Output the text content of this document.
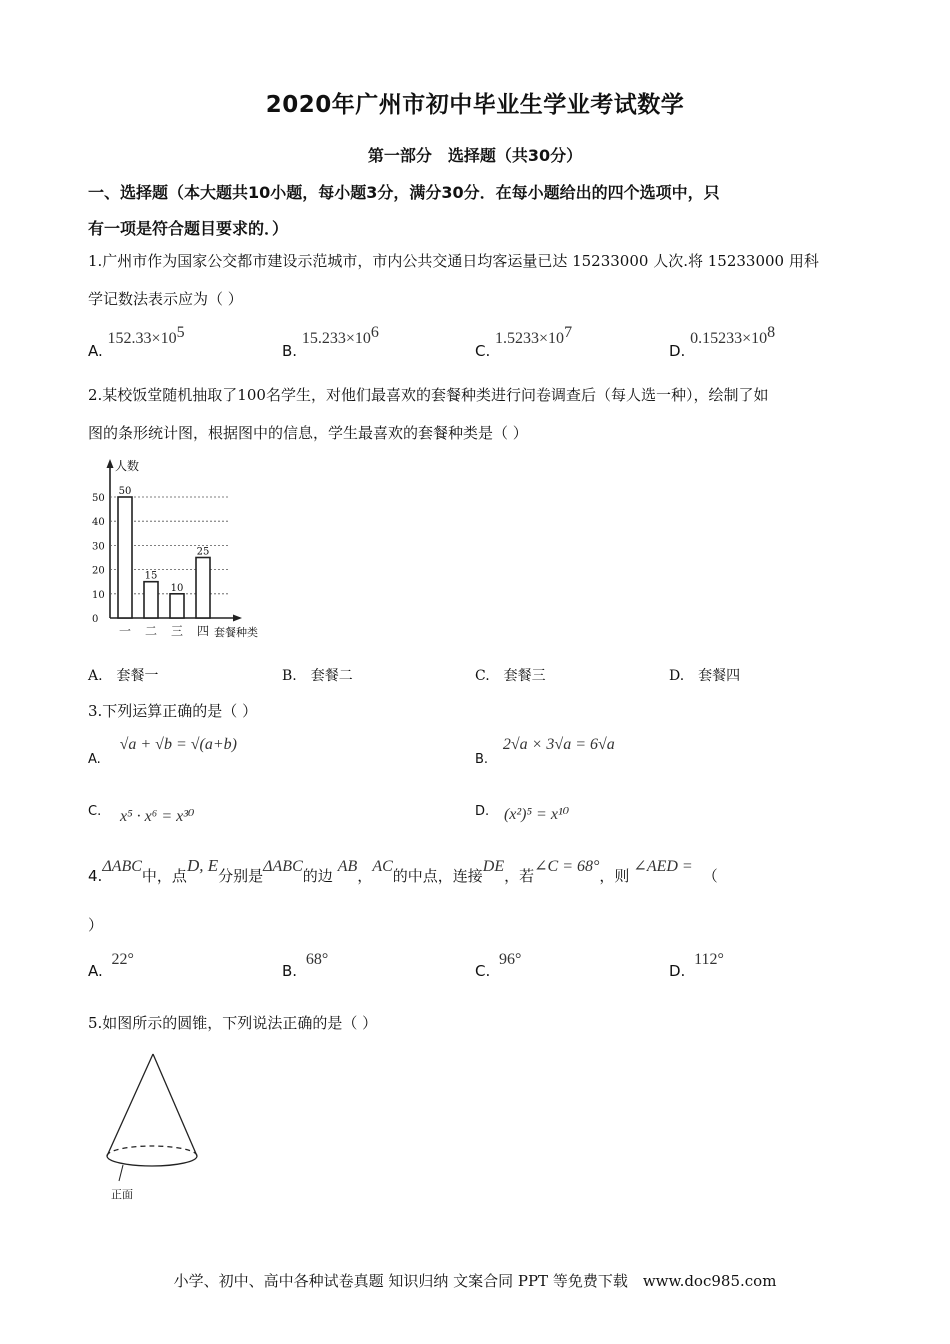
2020年广州市初中毕业生学业考试数学
第一部分　选择题（共30分）
一、选择题（本大题共10小题，每小题3分，满分30分．在每小题给出的四个选项中，只
有一项是符合题目要求的．）
1.广州市作为国家公交都市建设示范城市，市内公共交通日均客运量已达 15233000 人次.将 15233000 用科
学记数法表示应为（ ）
A. $152.33\times 10^5$
B. $15.233\times 10^6$
C. $1.5233\times 10^7$
D. $0.15233\times 10^8$
2.某校饭堂随机抽取了100名学生，对他们最喜欢的套餐种类进行问卷调查后（每人选一种），绘制了如
图的条形统计图，根据图中的信息，学生最喜欢的套餐种类是（ ）
人数
套餐种类
0
10
20
30
40
50
50
一
15
二
10
三
25
四
A.　套餐一	B.　套餐二	C.　套餐三	D.　套餐四
3.下列运算正确的是（ ）
A. √a + √b = √(a+b)
B. 2√a × 3√a = 6√a
C. x⁵ · x⁶ = x³⁰	D. (x²)⁵ = x¹⁰
4.ΔABC中，点D, E分别是ΔABC的边AB，AC的中点，连接DE，若∠C = 68°，则∠AED =（
）
A. 22°
B. 68°
C. 96°
D. 112°
5.如图所示的圆锥，下列说法正确的是（ ）
正面
小学、初中、高中各种试卷真题 知识归纳 文案合同 PPT 等免费下载　www.doc985.com
